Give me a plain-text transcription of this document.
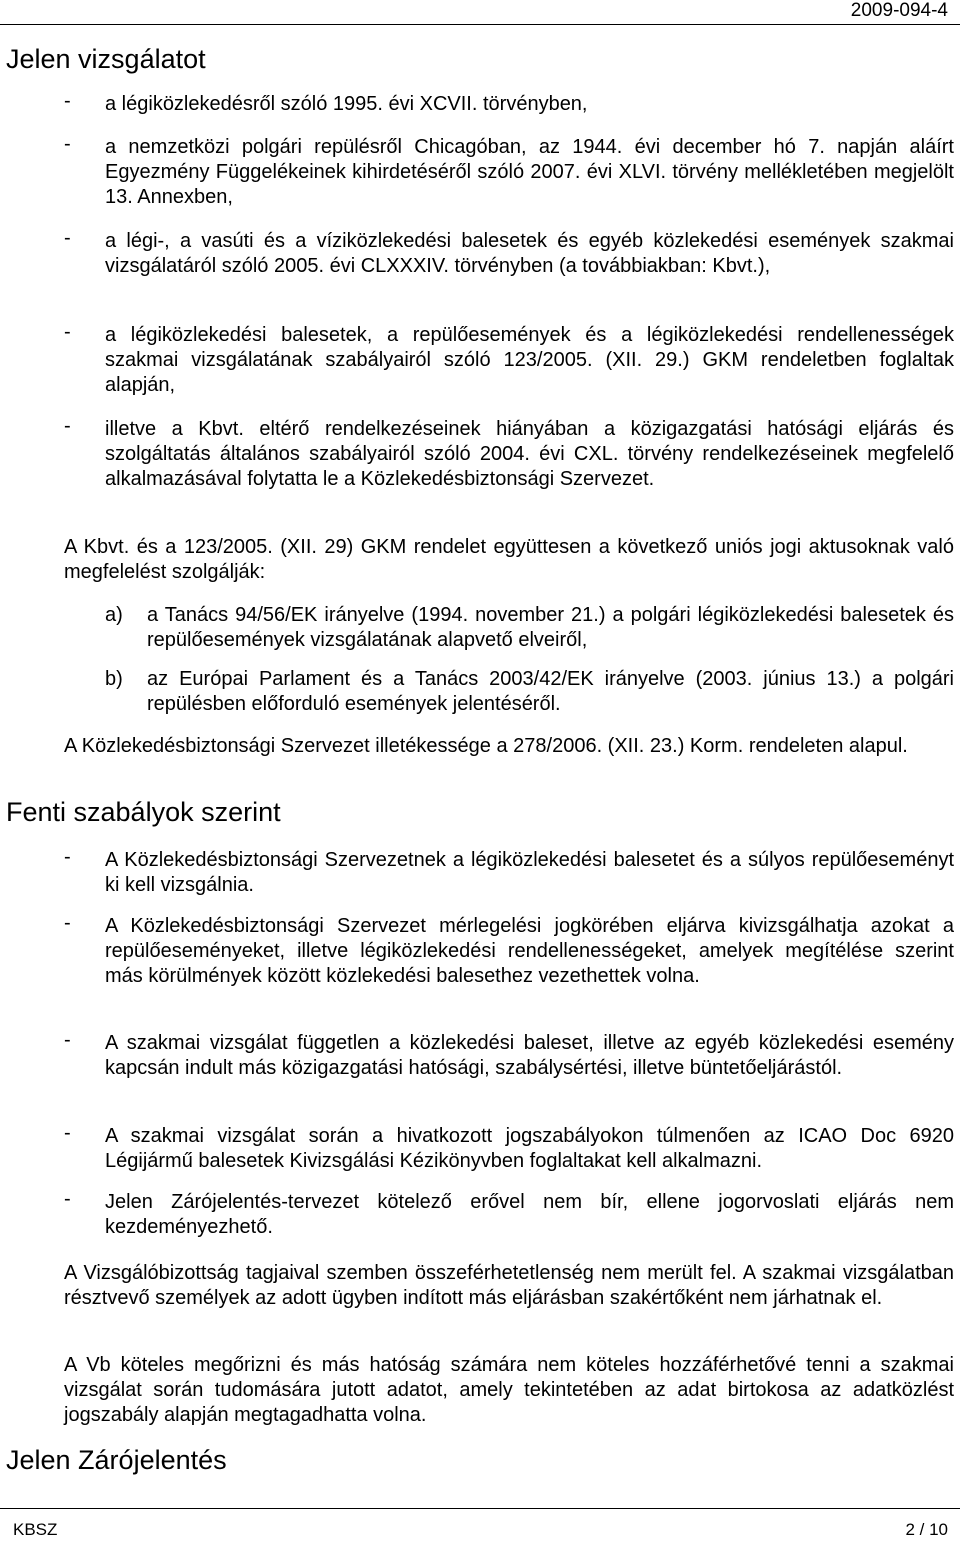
2009-094-4
Jelen vizsgálatot
- a légiközlekedésről szóló 1995. évi XCVII. törvényben,
- a nemzetközi polgári repülésről Chicagóban, az 1944. évi december hó 7. napján aláírt Egyezmény Függelékeinek kihirdetéséről szóló 2007. évi XLVI. törvény mellékletében megjelölt 13. Annexben,
- a légi-, a vasúti és a víziközlekedési balesetek és egyéb közlekedési események szakmai vizsgálatáról szóló 2005. évi CLXXXIV. törvényben (a továbbiakban: Kbvt.),
- a légiközlekedési balesetek, a repülőesemények és a légiközlekedési rendellenességek szakmai vizsgálatának szabályairól szóló 123/2005. (XII. 29.) GKM rendeletben foglaltak alapján,
- illetve a Kbvt. eltérő rendelkezéseinek hiányában a közigazgatási hatósági eljárás és szolgáltatás általános szabályairól szóló 2004. évi CXL. törvény rendelkezéseinek megfelelő alkalmazásával folytatta le a Közlekedésbiztonsági Szervezet.
A Kbvt. és a 123/2005. (XII. 29) GKM rendelet együttesen a következő uniós jogi aktusoknak való megfelelést szolgálják:
a) a Tanács 94/56/EK irányelve (1994. november 21.) a polgári légiközlekedési balesetek és repülőesemények vizsgálatának alapvető elveiről,
b) az Európai Parlament és a Tanács 2003/42/EK irányelve (2003. június 13.) a polgári repülésben előforduló események jelentéséről.
A Közlekedésbiztonsági Szervezet illetékessége a 278/2006. (XII. 23.) Korm. rendeleten alapul.
Fenti szabályok szerint
- A Közlekedésbiztonsági Szervezetnek a légiközlekedési balesetet és a súlyos repülőeseményt ki kell vizsgálnia.
- A Közlekedésbiztonsági Szervezet mérlegelési jogkörében eljárva kivizsgálhatja azokat a repülőeseményeket, illetve légiközlekedési rendellenességeket, amelyek megítélése szerint más körülmények között közlekedési balesethez vezethettek volna.
- A szakmai vizsgálat független a közlekedési baleset, illetve az egyéb közlekedési esemény kapcsán indult más közigazgatási hatósági, szabálysértési, illetve büntetőeljárástól.
- A szakmai vizsgálat során a hivatkozott jogszabályokon túlmenően az ICAO Doc 6920 Légijármű balesetek Kivizsgálási Kézikönyvben foglaltakat kell alkalmazni.
- Jelen Zárójelentés-tervezet kötelező erővel nem bír, ellene jogorvoslati eljárás nem kezdeményezhető.
A Vizsgálóbizottság tagjaival szemben összeférhetetlenség nem merült fel. A szakmai vizsgálatban résztvevő személyek az adott ügyben indított más eljárásban szakértőként nem járhatnak el.
A Vb köteles megőrizni és más hatóság számára nem köteles hozzáférhetővé tenni a szakmai vizsgálat során tudomására jutott adatot, amely tekintetében az adat birtokosa az adatközlést jogszabály alapján megtagadhatta volna.
Jelen Zárójelentés
KBSZ	2 / 10
